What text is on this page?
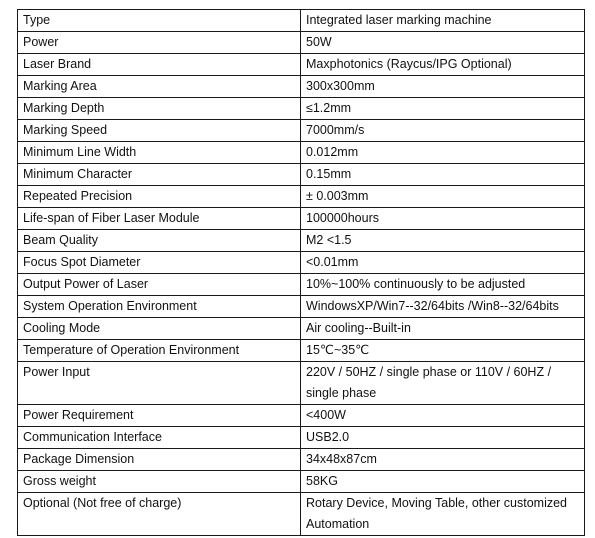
Type	Integrated laser marking machine
Power	50W
Laser Brand	Maxphotonics (Raycus/IPG Optional)
Marking Area	300x300mm
Marking Depth	≤1.2mm
Marking Speed	7000mm/s
Minimum Line Width	0.012mm
Minimum Character	0.15mm
Repeated Precision	± 0.003mm
Life-span of Fiber Laser Module	100000hours
Beam Quality	M2 <1.5
Focus Spot Diameter	<0.01mm
Output Power of Laser	10%~100% continuously to be adjusted
System Operation Environment	WindowsXP/Win7--32/64bits /Win8--32/64bits
Cooling Mode	Air cooling--Built-in
Temperature of Operation Environment	15℃~35℃
Power Input	220V / 50HZ / single phase or 110V / 60HZ / single phase
Power Requirement	<400W
Communication Interface	USB2.0
Package Dimension	34x48x87cm
Gross weight	58KG
Optional (Not free of charge)	Rotary Device, Moving Table, other customized Automation
